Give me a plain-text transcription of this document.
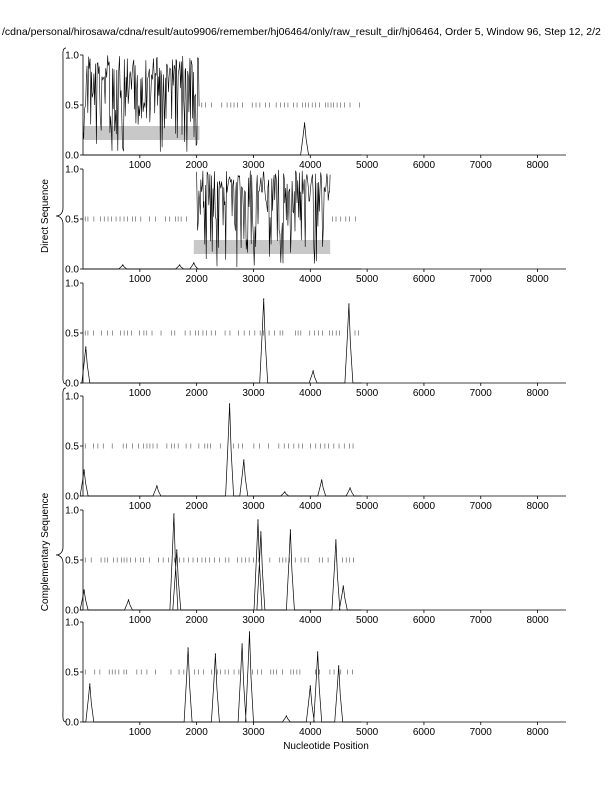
/cdna/personal/hirosawa/cdna/result/auto9906/remember/hj06464/only/raw_result_dir/hj06464, Order 5, Window 96, Step 12, 2/2
0.0
0.5
1.0
1000	2000	3000	4000	5000	6000	7000	8000
0.0
0.5
1.0
1000	2000	3000	4000	5000	6000	7000	8000
0.0
0.5
1.0
1000	2000	3000	4000	5000	6000	7000	8000
0.0
0.5
1.0
1000	2000	3000	4000	5000	6000	7000	8000
0.0
0.5
1.0
1000	2000	3000	4000	5000	6000	7000	8000
0.0
0.5
1.0
1000	2000	3000	4000	5000	6000	7000	8000
Nucleotide Position
Direct Sequence
Complementary Sequence
